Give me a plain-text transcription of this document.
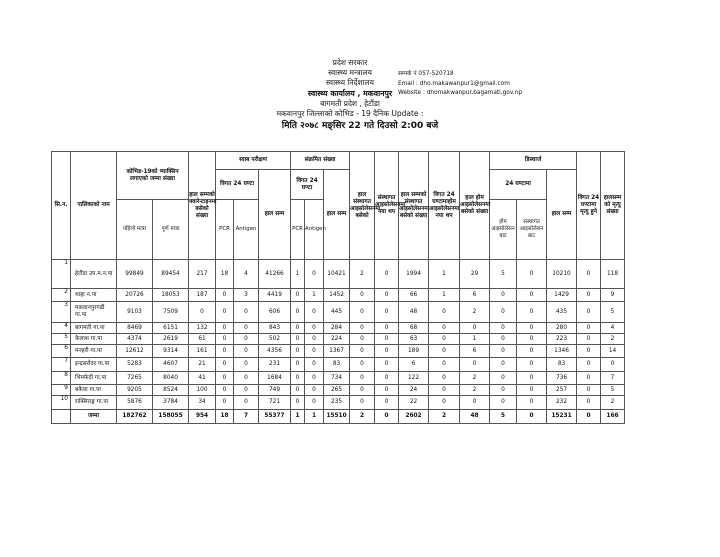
प्रदेश सरकार
स्वास्थ्य मन्त्रालय
स्वास्थ्य निर्देशालय
स्वास्थ्य कार्यालय , मकवानपुर
बागमती प्रदेश , हेटौंडा
मकवानपुर जिल्लाको कोभिड - 19 दैनिक Update :
सम्पर्क नं 057-520718
Email : dho.makawanpur1@gmail.com
Website : dhomakwanpur.bagamati.gov.np
मिति २०७८ मङ्सिर 22 गते दिउसो 2:00 बजे
सि.न.	पालिकाको नाम	कोभिड-19को भ्याक्सिन लगाएको जम्मा संख्या		हाल सम्मको क्वारेन्टाइनमा बसेको संख्या	स्वाब परीक्षण			संक्रमित संख्या			हाल संस्थागत आइसोलेसनमा बसेको	संस्थागत आइसोलेसनमा नया थप	हाल सम्मको संस्थागत आइसोलेसनमा बसेको संख्या	विगत 24 घण्टामाहोम आइसोलेसनमा नया थप	हाल होम आइसोलेसनमा बसेको संख्या	डिस्चार्ज			विगत 24 घण्टामा मृत्यु हुने	हालसम्म को मृत्यु संख्या
					विगत 24 घण्टा		हाल सम्म	विगत 24 घण्टा		हाल सम्म						24 घण्टामा		हाल सम्म		
		पहिलो मात्रा	पूर्ण मात्रा		PCR	Antigen		PCR	Antigen							होम आइसोलेसन बाट	संस्थागत आइसोलेसन बाट			
1	हेटौंडा उप.म.न.पा	99849	89454	217	18	4	41266	1	0	10421	2	0	1994	1	29	5	0	10210	0	118
2	थाहा न.पा	20726	18053	187	0	3	4419	0	1	1452	0	0	66	1	6	0	0	1429	0	9
3	मकवानपुरगढी गा.पा	9103	7509	0	0	0	606	0	0	445	0	0	48	0	2	0	0	435	0	5
4	बागमती गा.पा	8469	6151	132	0	0	843	0	0	284	0	0	68	0	0	0	0	280	0	4
5	कैलाश गा.पा	4374	2619	61	0	0	502	0	0	224	0	0	63	0	1	0	0	223	0	2
6	मनहरी गा.पा	12612	9314	161	0	0	4356	0	0	1367	0	0	189	0	6	0	0	1346	0	14
7	इन्द्रसरोवर गा.पा	5283	4607	21	0	0	231	0	0	83	0	0	6	0	0	0	0	83	0	0
8	भिमफेदी गा.पा	7265	8040	41	0	0	1684	0	0	734	0	0	122	0	2	0	0	736	0	7
9	बकैया गा.पा	9205	8524	100	0	0	749	0	0	265	0	0	24	0	2	0	0	257	0	5
10	राक्सिराङ्ग गा.पा	5876	3784	34	0	0	721	0	0	235	0	0	22	0	0	0	0	232	0	2
	जम्मा	182762	158055	954	18	7	55377	1	1	15510	2	0	2602	2	48	5	0	15231	0	166
